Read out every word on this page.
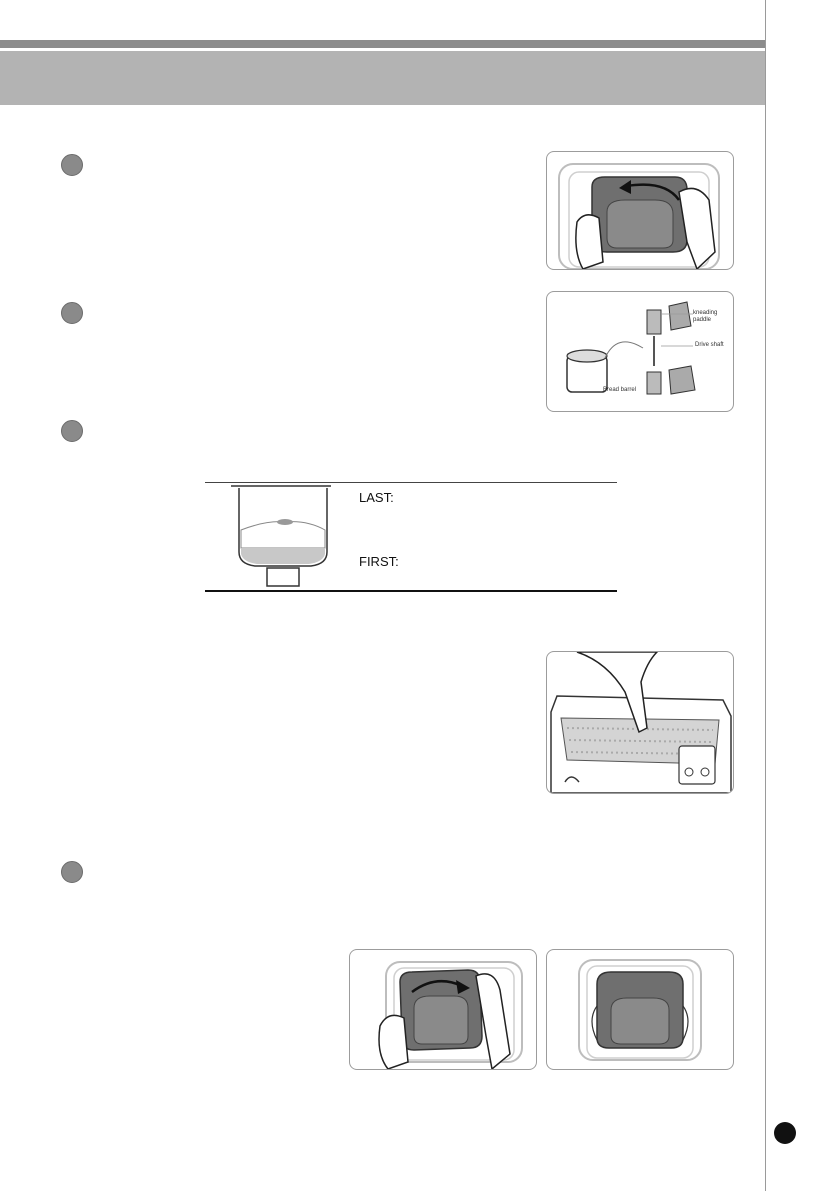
kneading
paddle
Drive shaft
Bread barrel
LAST:
FIRST:
